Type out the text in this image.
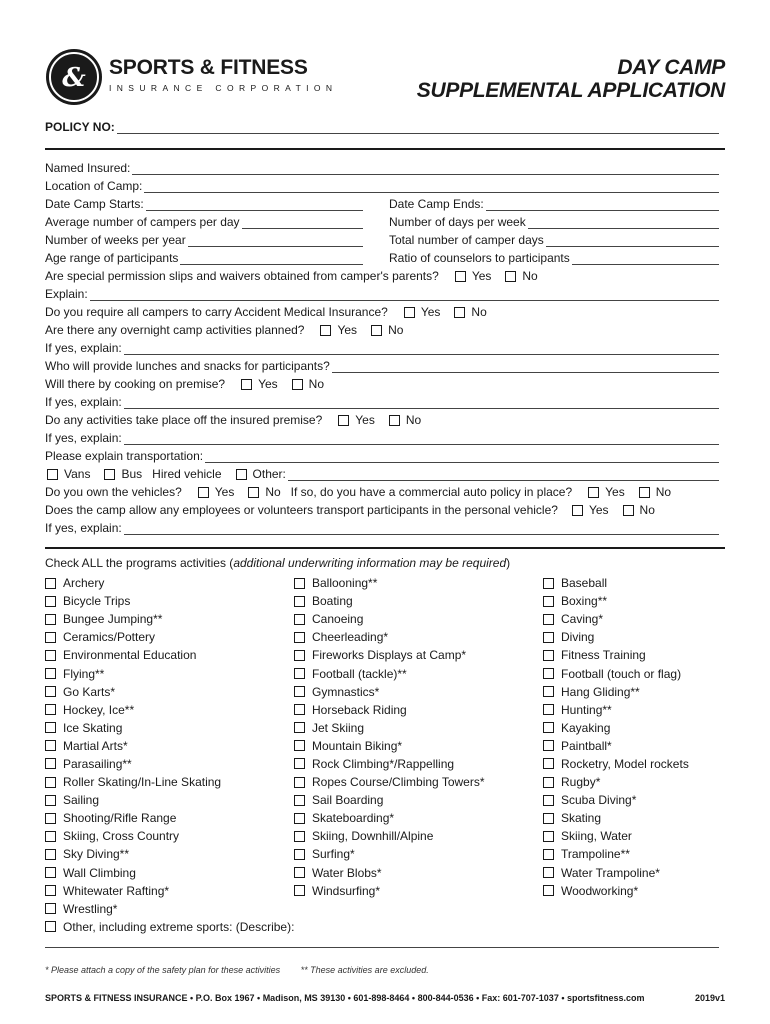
& SPORTS & FITNESS
INSURANCE CORPORATION
DAY CAMP
SUPPLEMENTAL APPLICATION
POLICY NO:
Named Insured:
Location of Camp:
Date Camp Starts:	Date Camp Ends:
Average number of campers per day	Number of days per week
Number of weeks per year	Total number of camper days
Age range of participants	Ratio of counselors to participants
Are special permission slips and waivers obtained from camper's parents?	Yes	No
Explain:
Do you require all campers to carry Accident Medical Insurance?	Yes	No
Are there any overnight camp activities planned?	Yes	No
If yes, explain:
Who will provide lunches and snacks for participants?
Will there by cooking on premise?	Yes	No
If yes, explain:
Do any activities take place off the insured premise?	Yes	No
If yes, explain:
Please explain transportation:
Vans	Bus Hired vehicle	Other:
Do you own the vehicles?	Yes	No If so, do you have a commercial auto policy in place?	Yes	No
Does the camp allow any employees or volunteers transport participants in the personal vehicle?	Yes	No
If yes, explain:
Check ALL the programs activities (additional underwriting information may be required)
Archery
Bicycle Trips
Bungee Jumping**
Ceramics/Pottery
Environmental Education
Flying**
Go Karts*
Hockey, Ice**
Ice Skating
Martial Arts*
Parasailing**
Roller Skating/In-Line Skating
Sailing
Shooting/Rifle Range
Skiing, Cross Country
Sky Diving**
Wall Climbing
Whitewater Rafting*
Wrestling*
Other, including extreme sports: (Describe):
Ballooning**
Boating
Canoeing
Cheerleading*
Fireworks Displays at Camp*
Football (tackle)**
Gymnastics*
Horseback Riding
Jet Skiing
Mountain Biking*
Rock Climbing*/Rappelling
Ropes Course/Climbing Towers*
Sail Boarding
Skateboarding*
Skiing, Downhill/Alpine
Surfing*
Water Blobs*
Windsurfing*
Baseball
Boxing**
Caving*
Diving
Fitness Training
Football (touch or flag)
Hang Gliding**
Hunting**
Kayaking
Paintball*
Rocketry, Model rockets
Rugby*
Scuba Diving*
Skating
Skiing, Water
Trampoline**
Water Trampoline*
Woodworking*
* Please attach a copy of the safety plan for these activities ** These activities are excluded.
SPORTS & FITNESS INSURANCE • P.O. Box 1967 • Madison, MS 39130 • 601-898-8464 • 800-844-0536 • Fax: 601-707-1037 • sportsfitness.com	2019v1
